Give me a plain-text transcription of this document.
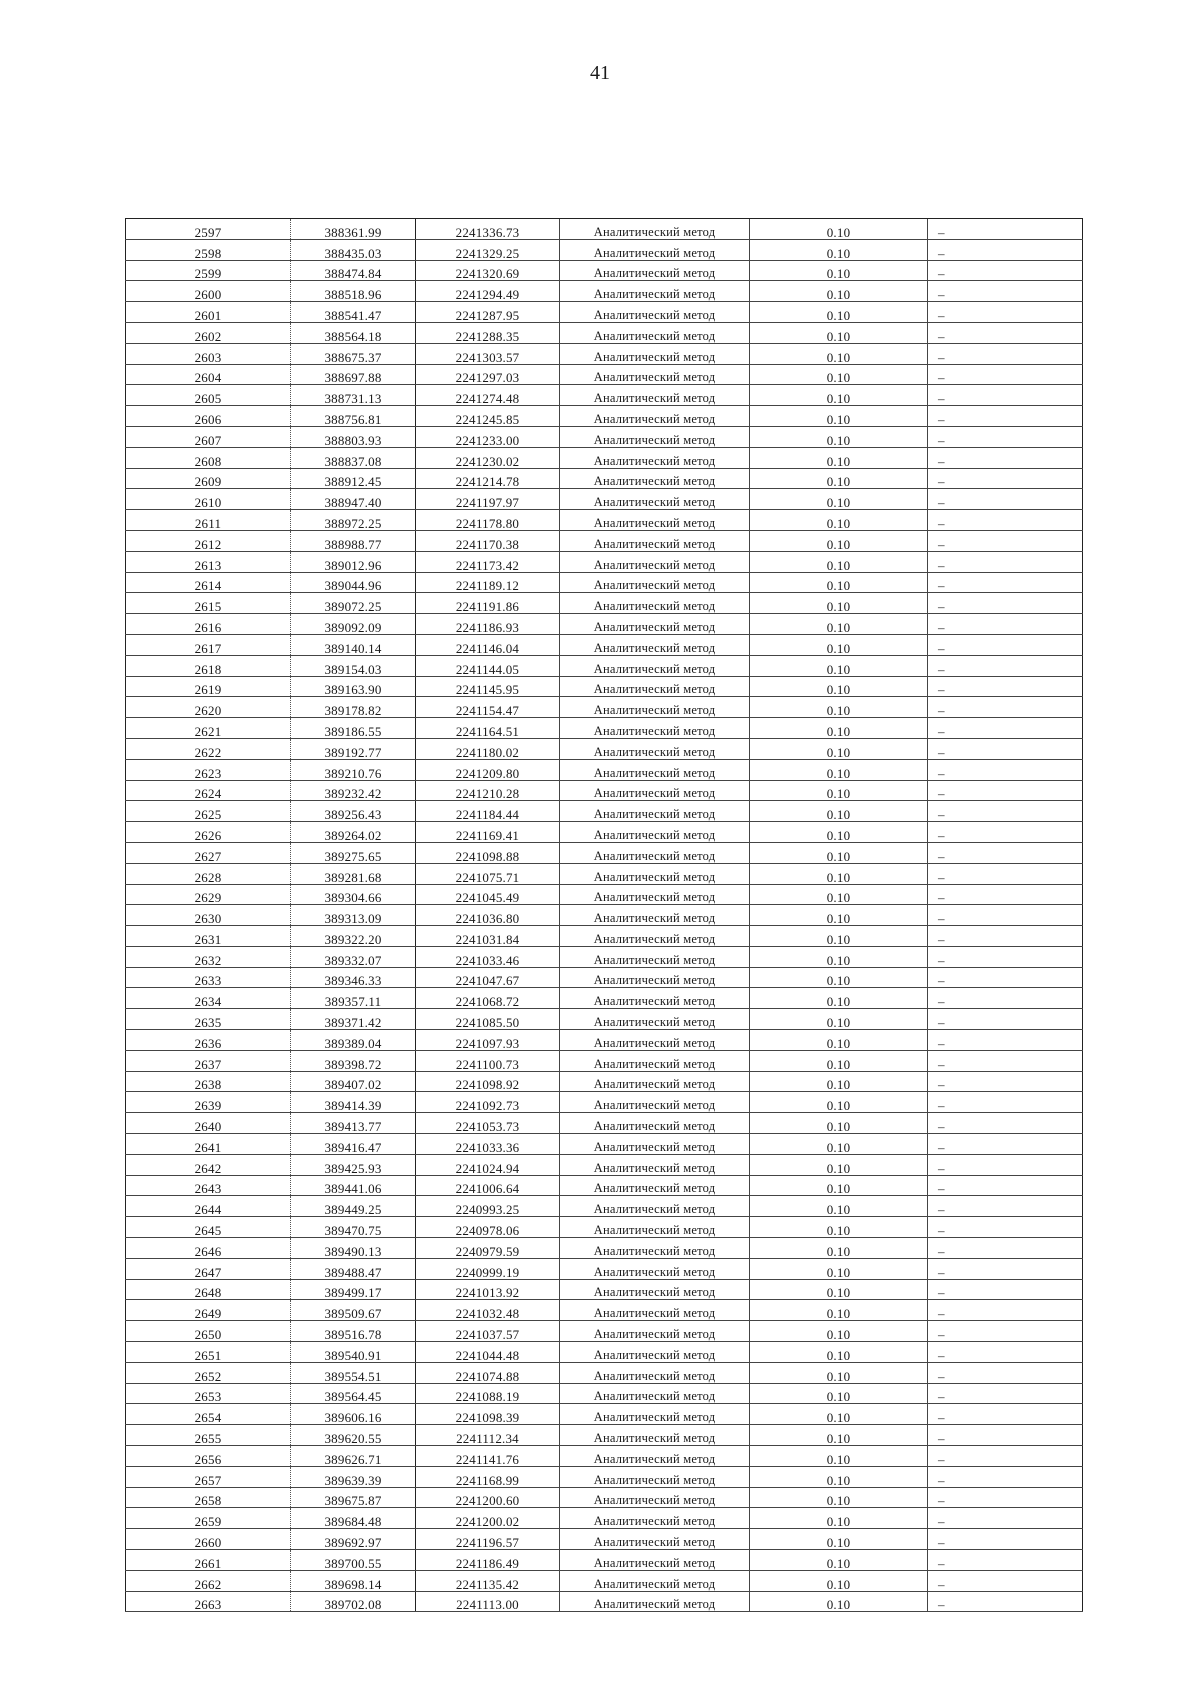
41
2597	388361.99	2241336.73	Аналитический метод	0.10	–
2598	388435.03	2241329.25	Аналитический метод	0.10	–
2599	388474.84	2241320.69	Аналитический метод	0.10	–
2600	388518.96	2241294.49	Аналитический метод	0.10	–
2601	388541.47	2241287.95	Аналитический метод	0.10	–
2602	388564.18	2241288.35	Аналитический метод	0.10	–
2603	388675.37	2241303.57	Аналитический метод	0.10	–
2604	388697.88	2241297.03	Аналитический метод	0.10	–
2605	388731.13	2241274.48	Аналитический метод	0.10	–
2606	388756.81	2241245.85	Аналитический метод	0.10	–
2607	388803.93	2241233.00	Аналитический метод	0.10	–
2608	388837.08	2241230.02	Аналитический метод	0.10	–
2609	388912.45	2241214.78	Аналитический метод	0.10	–
2610	388947.40	2241197.97	Аналитический метод	0.10	–
2611	388972.25	2241178.80	Аналитический метод	0.10	–
2612	388988.77	2241170.38	Аналитический метод	0.10	–
2613	389012.96	2241173.42	Аналитический метод	0.10	–
2614	389044.96	2241189.12	Аналитический метод	0.10	–
2615	389072.25	2241191.86	Аналитический метод	0.10	–
2616	389092.09	2241186.93	Аналитический метод	0.10	–
2617	389140.14	2241146.04	Аналитический метод	0.10	–
2618	389154.03	2241144.05	Аналитический метод	0.10	–
2619	389163.90	2241145.95	Аналитический метод	0.10	–
2620	389178.82	2241154.47	Аналитический метод	0.10	–
2621	389186.55	2241164.51	Аналитический метод	0.10	–
2622	389192.77	2241180.02	Аналитический метод	0.10	–
2623	389210.76	2241209.80	Аналитический метод	0.10	–
2624	389232.42	2241210.28	Аналитический метод	0.10	–
2625	389256.43	2241184.44	Аналитический метод	0.10	–
2626	389264.02	2241169.41	Аналитический метод	0.10	–
2627	389275.65	2241098.88	Аналитический метод	0.10	–
2628	389281.68	2241075.71	Аналитический метод	0.10	–
2629	389304.66	2241045.49	Аналитический метод	0.10	–
2630	389313.09	2241036.80	Аналитический метод	0.10	–
2631	389322.20	2241031.84	Аналитический метод	0.10	–
2632	389332.07	2241033.46	Аналитический метод	0.10	–
2633	389346.33	2241047.67	Аналитический метод	0.10	–
2634	389357.11	2241068.72	Аналитический метод	0.10	–
2635	389371.42	2241085.50	Аналитический метод	0.10	–
2636	389389.04	2241097.93	Аналитический метод	0.10	–
2637	389398.72	2241100.73	Аналитический метод	0.10	–
2638	389407.02	2241098.92	Аналитический метод	0.10	–
2639	389414.39	2241092.73	Аналитический метод	0.10	–
2640	389413.77	2241053.73	Аналитический метод	0.10	–
2641	389416.47	2241033.36	Аналитический метод	0.10	–
2642	389425.93	2241024.94	Аналитический метод	0.10	–
2643	389441.06	2241006.64	Аналитический метод	0.10	–
2644	389449.25	2240993.25	Аналитический метод	0.10	–
2645	389470.75	2240978.06	Аналитический метод	0.10	–
2646	389490.13	2240979.59	Аналитический метод	0.10	–
2647	389488.47	2240999.19	Аналитический метод	0.10	–
2648	389499.17	2241013.92	Аналитический метод	0.10	–
2649	389509.67	2241032.48	Аналитический метод	0.10	–
2650	389516.78	2241037.57	Аналитический метод	0.10	–
2651	389540.91	2241044.48	Аналитический метод	0.10	–
2652	389554.51	2241074.88	Аналитический метод	0.10	–
2653	389564.45	2241088.19	Аналитический метод	0.10	–
2654	389606.16	2241098.39	Аналитический метод	0.10	–
2655	389620.55	2241112.34	Аналитический метод	0.10	–
2656	389626.71	2241141.76	Аналитический метод	0.10	–
2657	389639.39	2241168.99	Аналитический метод	0.10	–
2658	389675.87	2241200.60	Аналитический метод	0.10	–
2659	389684.48	2241200.02	Аналитический метод	0.10	–
2660	389692.97	2241196.57	Аналитический метод	0.10	–
2661	389700.55	2241186.49	Аналитический метод	0.10	–
2662	389698.14	2241135.42	Аналитический метод	0.10	–
2663	389702.08	2241113.00	Аналитический метод	0.10	–
